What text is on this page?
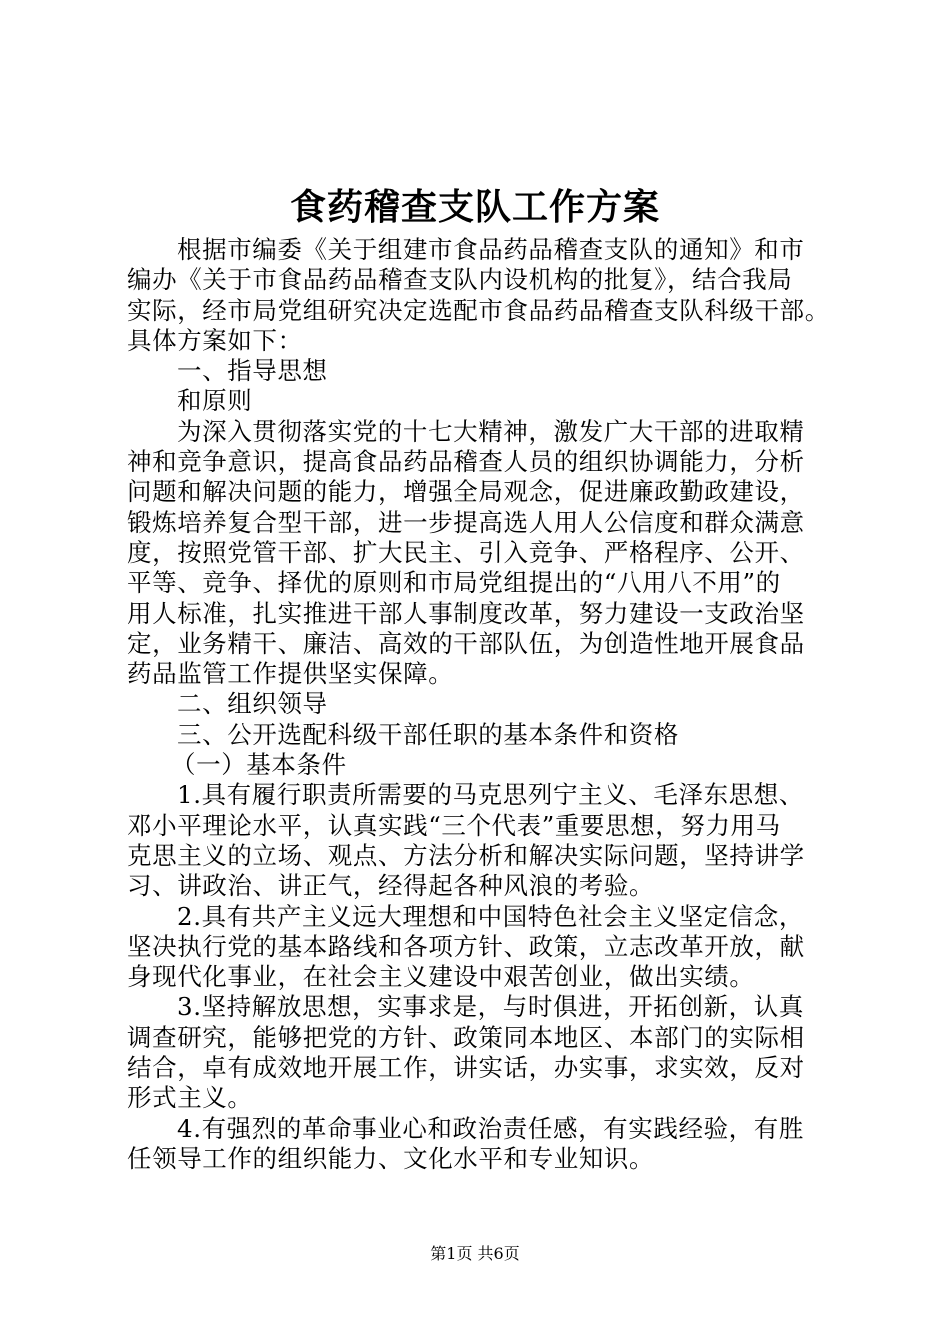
食药稽查支队工作方案
根据市编委《关于组建市食品药品稽查支队的通知》和市
编办《关于市食品药品稽查支队内设机构的批复》，结合我局
实际，经市局党组研究决定选配市食品药品稽查支队科级干部。
具体方案如下：
一、指导思想
和原则
为深入贯彻落实党的十七大精神，激发广大干部的进取精
神和竞争意识，提高食品药品稽查人员的组织协调能力，分析
问题和解决问题的能力，增强全局观念，促进廉政勤政建设，
锻炼培养复合型干部，进一步提高选人用人公信度和群众满意
度，按照党管干部、扩大民主、引入竞争、严格程序、公开、
平等、竞争、择优的原则和市局党组提出的“八用八不用”的
用人标准，扎实推进干部人事制度改革，努力建设一支政治坚
定，业务精干、廉洁、高效的干部队伍，为创造性地开展食品
药品监管工作提供坚实保障。
二、组织领导
三、公开选配科级干部任职的基本条件和资格
（一）基本条件
1.具有履行职责所需要的马克思列宁主义、毛泽东思想、
邓小平理论水平，认真实践“三个代表”重要思想，努力用马
克思主义的立场、观点、方法分析和解决实际问题，坚持讲学
习、讲政治、讲正气，经得起各种风浪的考验。
2.具有共产主义远大理想和中国特色社会主义坚定信念，
坚决执行党的基本路线和各项方针、政策，立志改革开放，献
身现代化事业，在社会主义建设中艰苦创业，做出实绩。
3.坚持解放思想，实事求是，与时俱进，开拓创新，认真
调查研究，能够把党的方针、政策同本地区、本部门的实际相
结合，卓有成效地开展工作，讲实话，办实事，求实效，反对
形式主义。
4.有强烈的革命事业心和政治责任感，有实践经验，有胜
任领导工作的组织能力、文化水平和专业知识。
第1页 共6页
